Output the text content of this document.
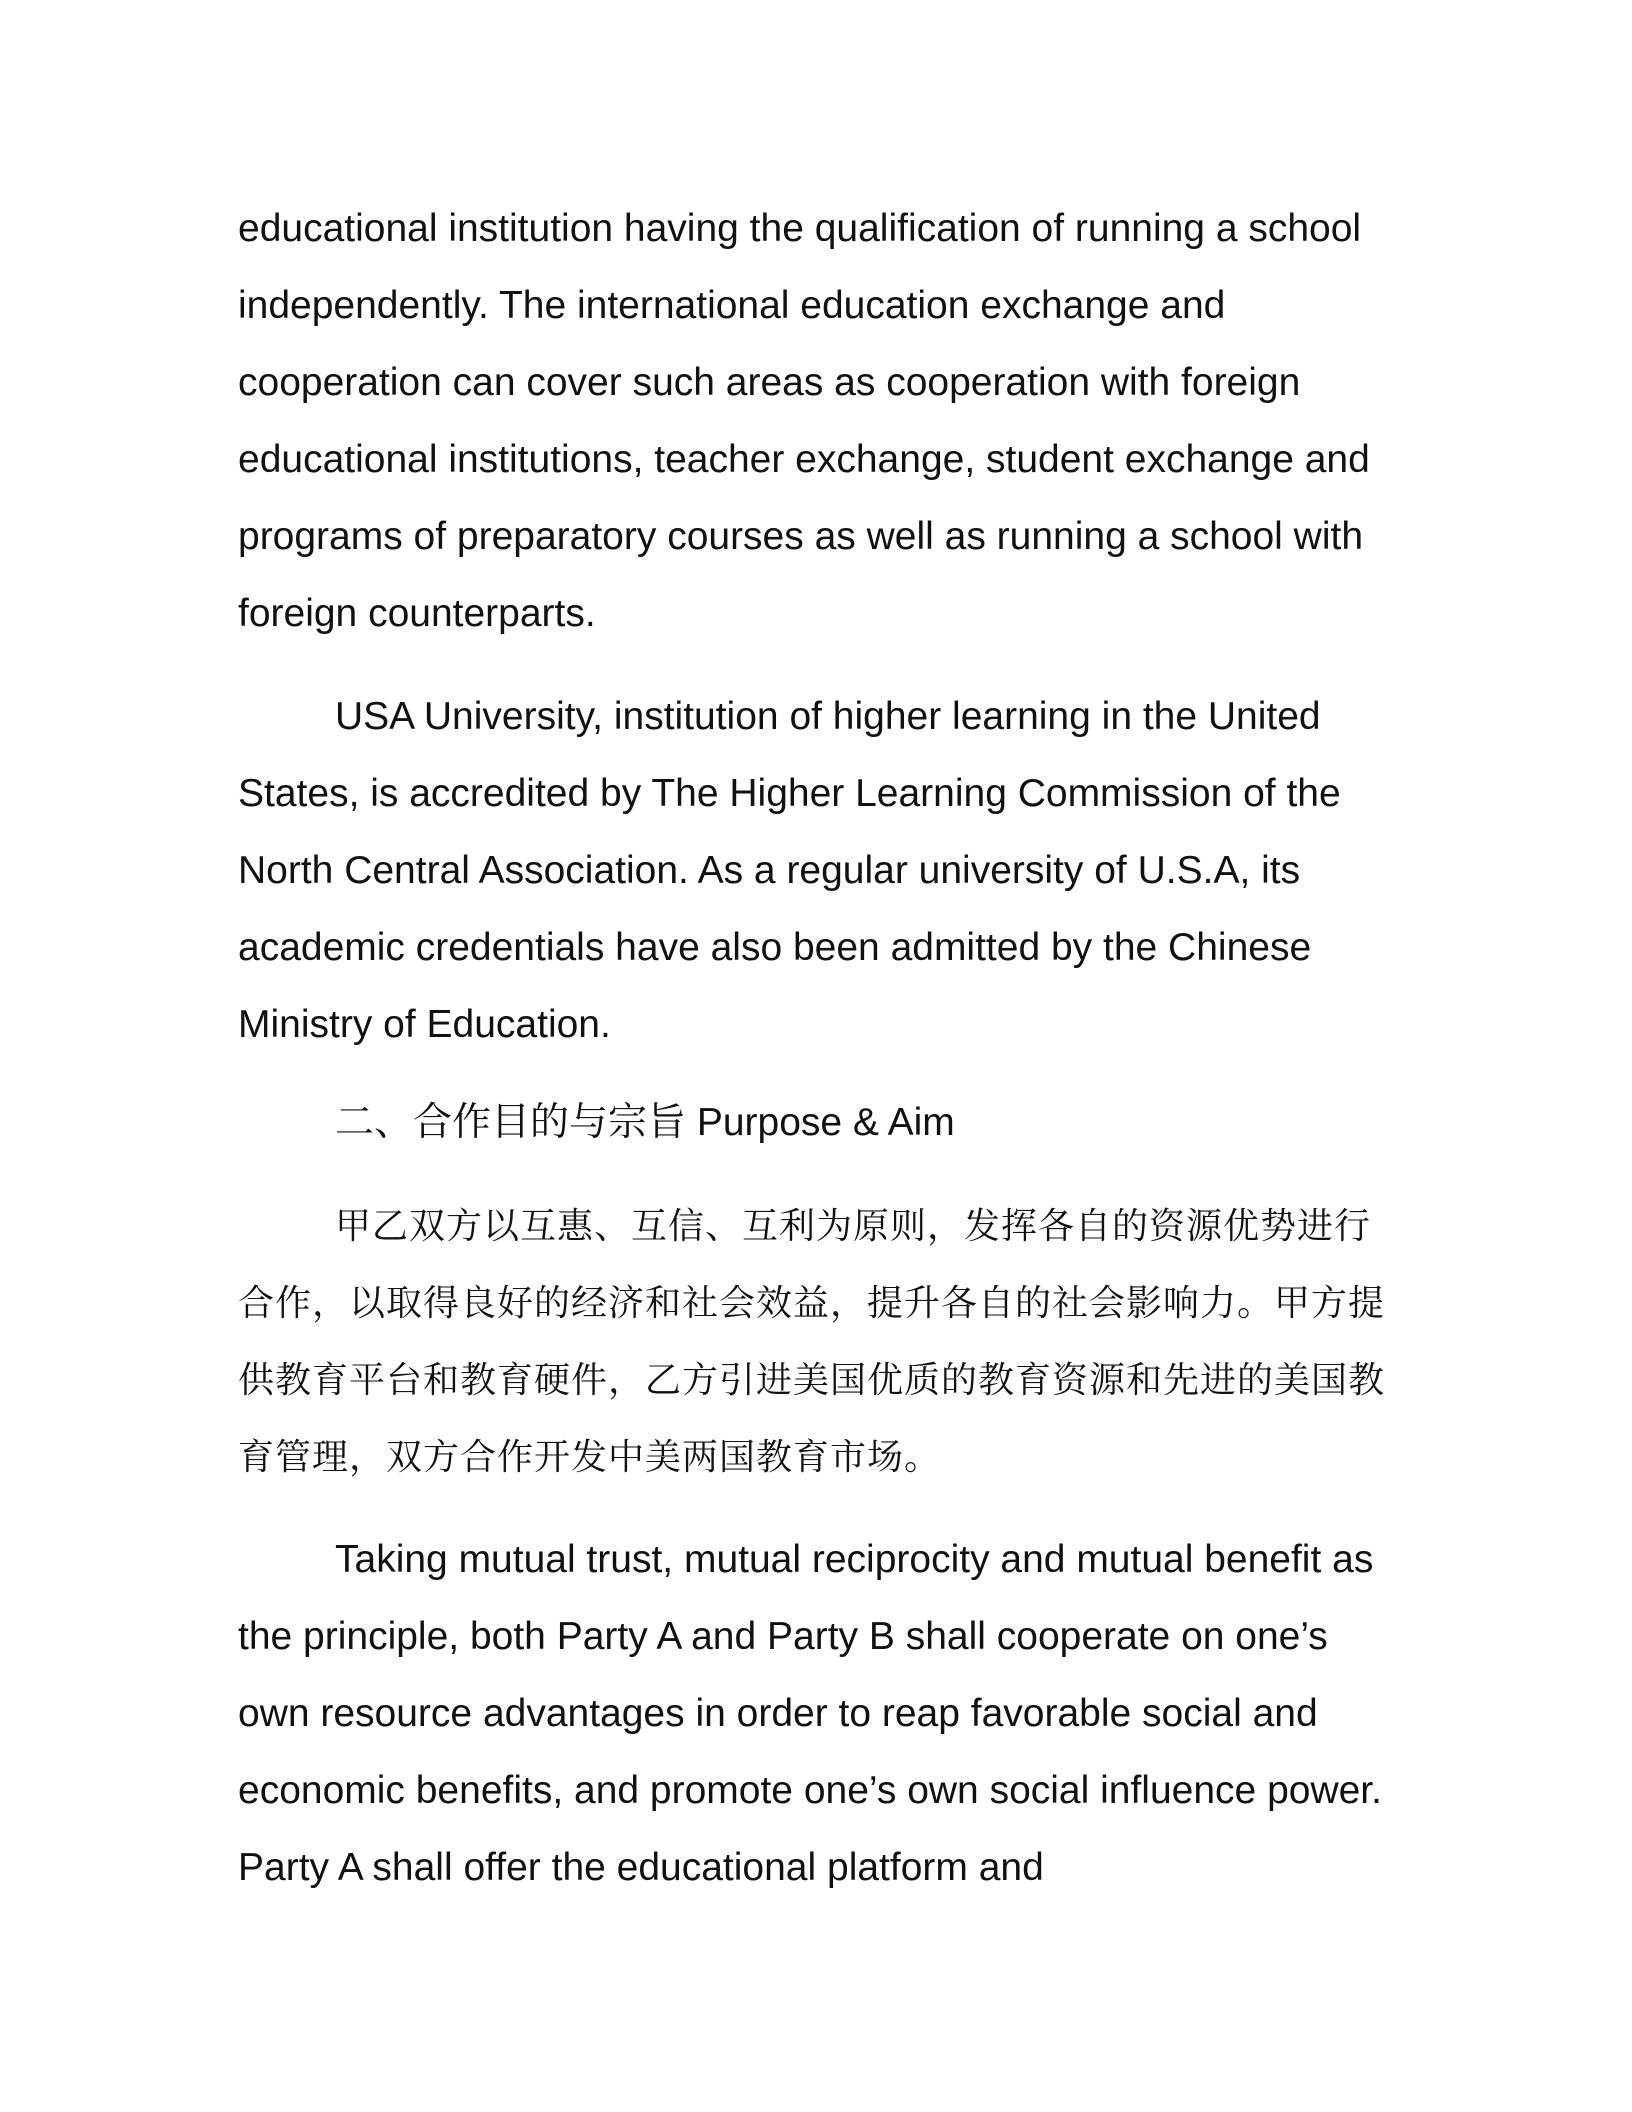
educational institution having the qualification of running a school independently. The international education exchange and cooperation can cover such areas as cooperation with foreign educational institutions, teacher exchange, student exchange and programs of preparatory courses as well as running a school with foreign counterparts.

USA University, institution of higher learning in the United States, is accredited by The Higher Learning Commission of the North Central Association. As a regular university of U.S.A, its academic credentials have also been admitted by the Chinese Ministry of Education.

二、合作目的与宗旨 Purpose & Aim

甲乙双方以互惠、互信、互利为原则，发挥各自的资源优势进行合作，以取得良好的经济和社会效益，提升各自的社会影响力。甲方提供教育平台和教育硬件，乙方引进美国优质的教育资源和先进的美国教育管理，双方合作开发中美两国教育市场。

Taking mutual trust, mutual reciprocity and mutual benefit as the principle, both Party A and Party B shall cooperate on one’s own resource advantages in order to reap favorable social and economic benefits, and promote one’s own social influence power. Party A shall offer the educational platform and
